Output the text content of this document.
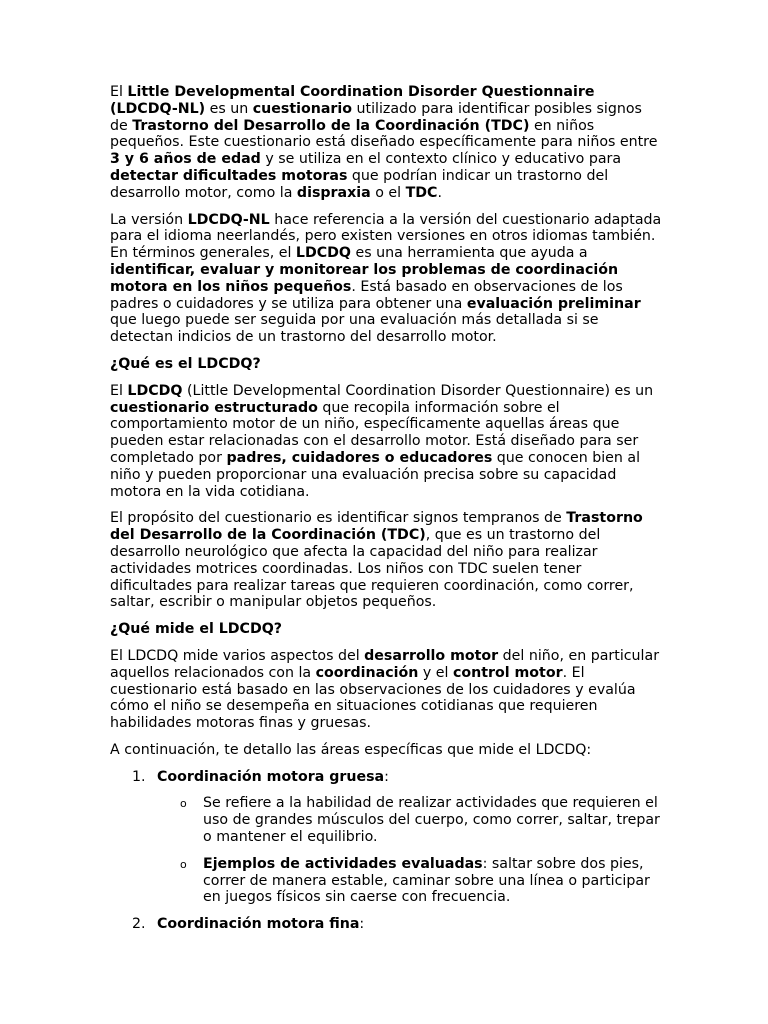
El Little Developmental Coordination Disorder Questionnaire (LDCDQ-NL) es un cuestionario utilizado para identificar posibles signos de Trastorno del Desarrollo de la Coordinación (TDC) en niños pequeños. Este cuestionario está diseñado específicamente para niños entre 3 y 6 años de edad y se utiliza en el contexto clínico y educativo para detectar dificultades motoras que podrían indicar un trastorno del desarrollo motor, como la dispraxia o el TDC.

La versión LDCDQ-NL hace referencia a la versión del cuestionario adaptada para el idioma neerlandés, pero existen versiones en otros idiomas también. En términos generales, el LDCDQ es una herramienta que ayuda a identificar, evaluar y monitorear los problemas de coordinación motora en los niños pequeños. Está basado en observaciones de los padres o cuidadores y se utiliza para obtener una evaluación preliminar que luego puede ser seguida por una evaluación más detallada si se detectan indicios de un trastorno del desarrollo motor.

¿Qué es el LDCDQ?

El LDCDQ (Little Developmental Coordination Disorder Questionnaire) es un cuestionario estructurado que recopila información sobre el comportamiento motor de un niño, específicamente aquellas áreas que pueden estar relacionadas con el desarrollo motor. Está diseñado para ser completado por padres, cuidadores o educadores que conocen bien al niño y pueden proporcionar una evaluación precisa sobre su capacidad motora en la vida cotidiana.

El propósito del cuestionario es identificar signos tempranos de Trastorno del Desarrollo de la Coordinación (TDC), que es un trastorno del desarrollo neurológico que afecta la capacidad del niño para realizar actividades motrices coordinadas. Los niños con TDC suelen tener dificultades para realizar tareas que requieren coordinación, como correr, saltar, escribir o manipular objetos pequeños.

¿Qué mide el LDCDQ?

El LDCDQ mide varios aspectos del desarrollo motor del niño, en particular aquellos relacionados con la coordinación y el control motor. El cuestionario está basado en las observaciones de los cuidadores y evalúa cómo el niño se desempeña en situaciones cotidianas que requieren habilidades motoras finas y gruesas.

A continuación, te detallo las áreas específicas que mide el LDCDQ:

1. Coordinación motora gruesa:
o Se refiere a la habilidad de realizar actividades que requieren el uso de grandes músculos del cuerpo, como correr, saltar, trepar o mantener el equilibrio.
o Ejemplos de actividades evaluadas: saltar sobre dos pies, correr de manera estable, caminar sobre una línea o participar en juegos físicos sin caerse con frecuencia.
2. Coordinación motora fina:
